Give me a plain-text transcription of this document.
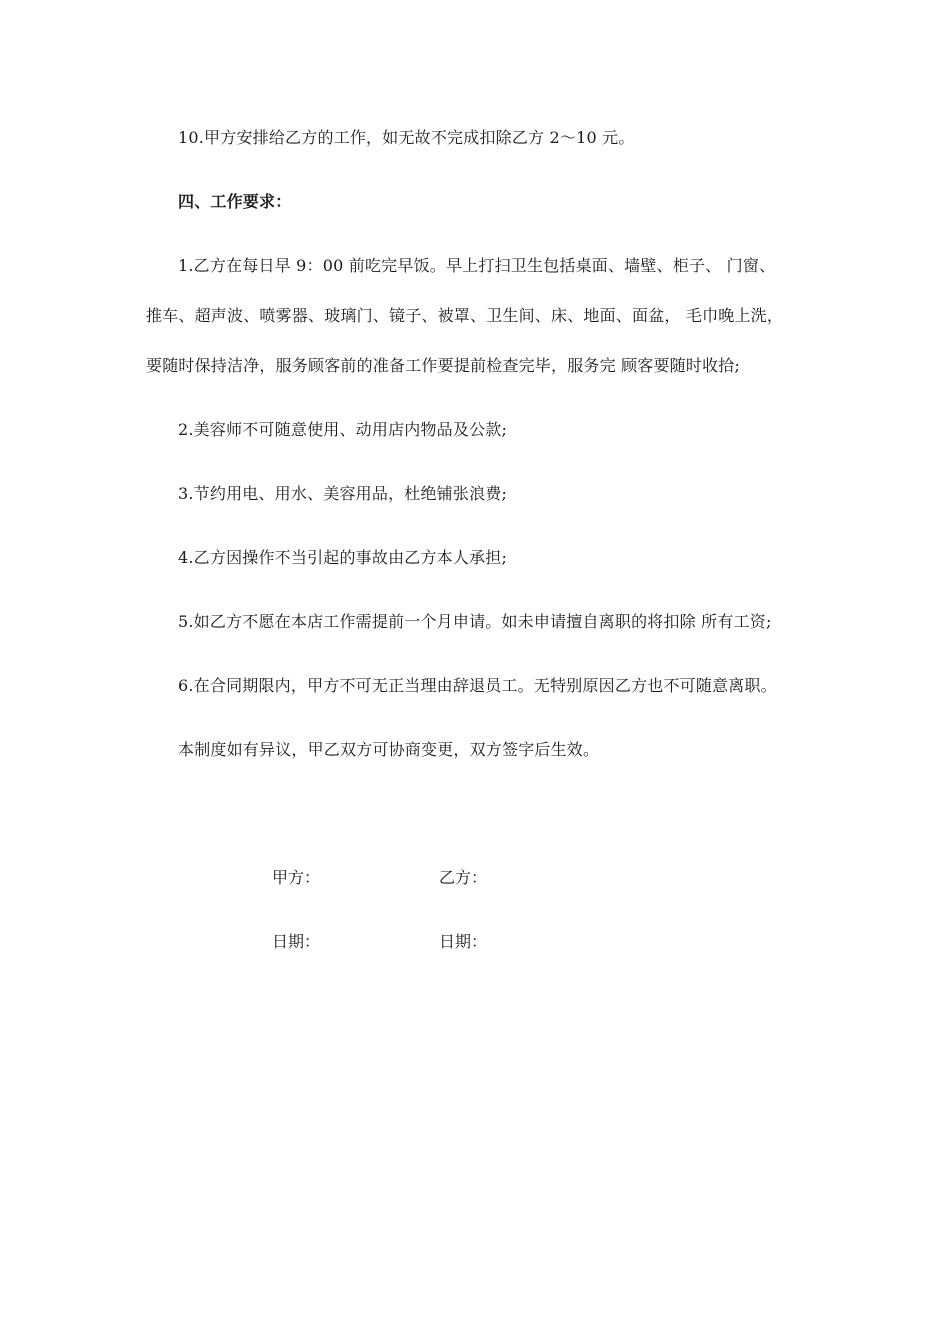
10.甲方安排给乙方的工作，如无故不完成扣除乙方 2～10 元。
四、工作要求：
1.乙方在每日早 9：00 前吃完早饭。早上打扫卫生包括桌面、墙壁、柜子、 门窗、
推车、超声波、喷雾器、玻璃门、镜子、被罩、卫生间、床、地面、面盆， 毛巾晚上洗，
要随时保持洁净，服务顾客前的准备工作要提前检查完毕，服务完 顾客要随时收拾;
2.美容师不可随意使用、动用店内物品及公款;
3.节约用电、用水、美容用品，杜绝铺张浪费;
4.乙方因操作不当引起的事故由乙方本人承担;
5.如乙方不愿在本店工作需提前一个月申请。如未申请擅自离职的将扣除 所有工资;
6.在合同期限内，甲方不可无正当理由辞退员工。无特别原因乙方也不可随意离职。
本制度如有异议，甲乙双方可协商变更，双方签字后生效。
甲方：	乙方：
日期：	日期：
